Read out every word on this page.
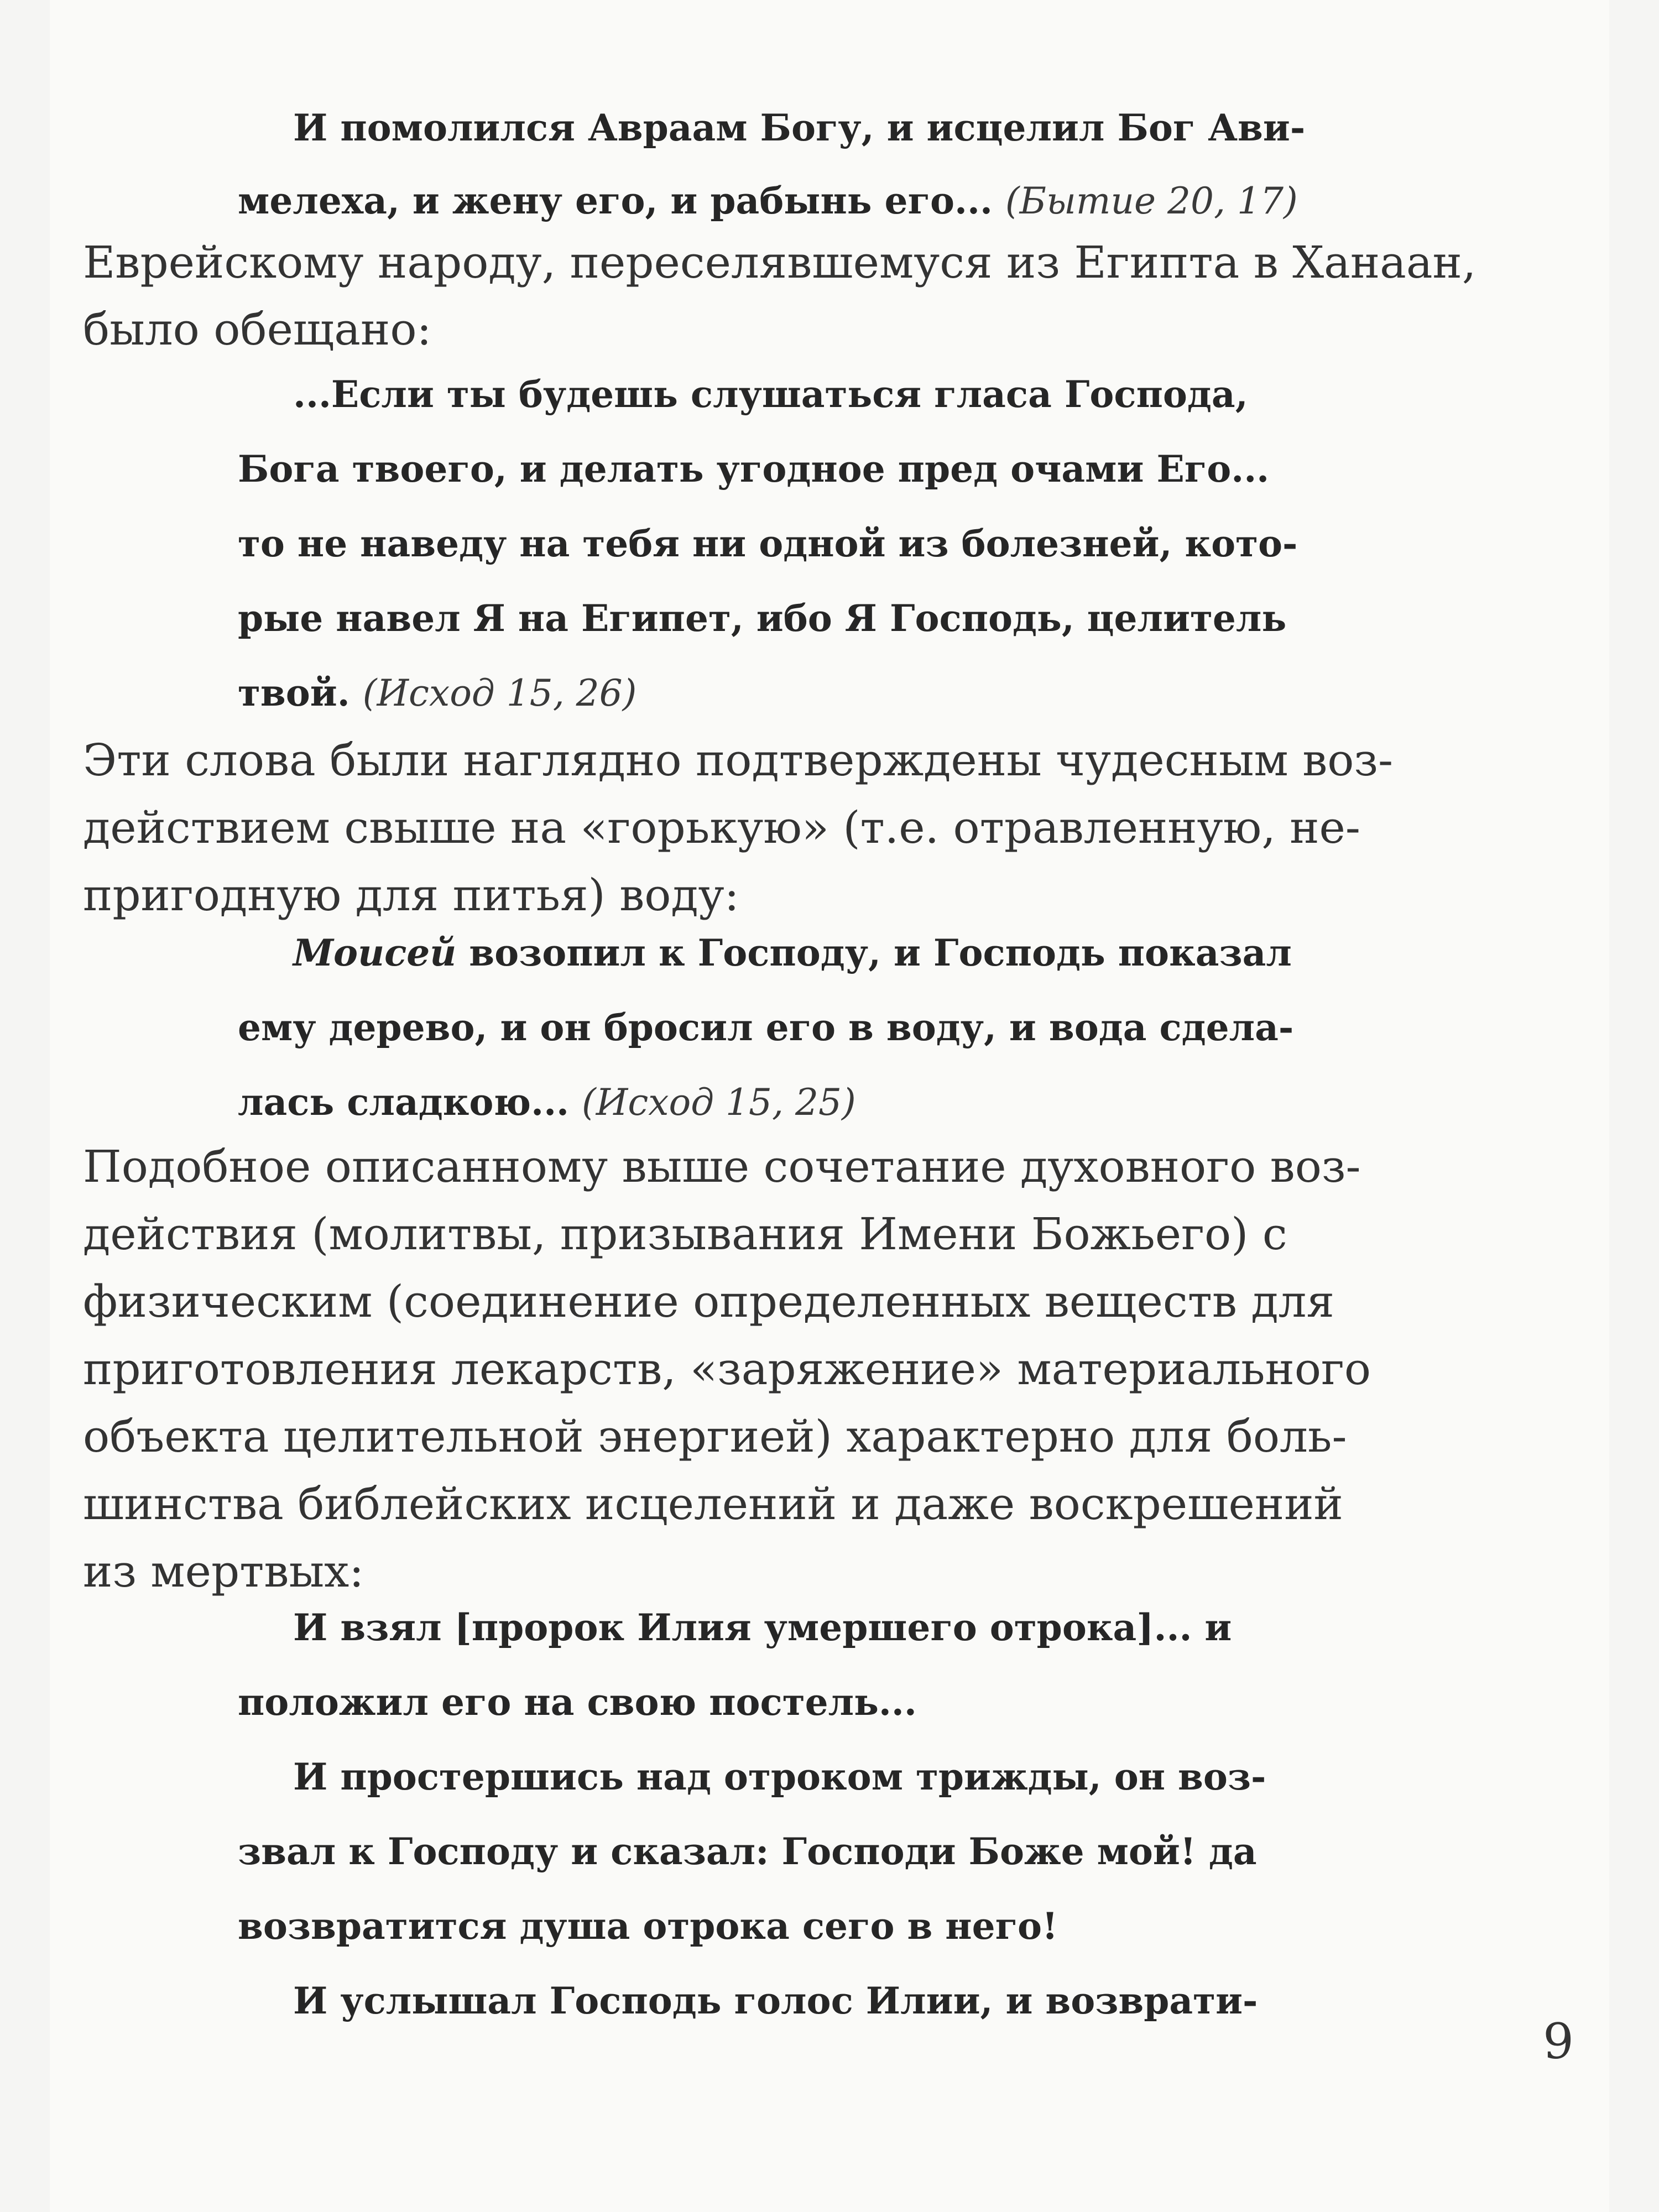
И помолился Авраам Богу, и исцелил Бог Ави-
мелеха, и жену его, и рабынь его... (Бытие 20, 17)
Еврейскому народу, переселявшемуся из Египта в Ханаан,
было обещано:
...Если ты будешь слушаться гласа Господа,
Бога твоего, и делать угодное пред очами Его...
то не наведу на тебя ни одной из болезней, кото-
рые навел Я на Египет, ибо Я Господь, целитель
твой. (Исход 15, 26)
Эти слова были наглядно подтверждены чудесным воз-
действием свыше на «горькую» (т.е. отравленную, не-
пригодную для питья) воду:
Моисей возопил к Господу, и Господь показал
ему дерево, и он бросил его в воду, и вода сдела-
лась сладкою... (Исход 15, 25)
Подобное описанному выше сочетание духовного воз-
действия (молитвы, призывания Имени Божьего) с
физическим (соединение определенных веществ для
приготовления лекарств, «заряжение» материального
объекта целительной энергией) характерно для боль-
шинства библейских исцелений и даже воскрешений
из мертвых:
И взял [пророк Илия умершего отрока]... и
положил его на свою постель...
И простершись над отроком трижды, он воз-
звал к Господу и сказал: Господи Боже мой! да
возвратится душа отрока сего в него!
И услышал Господь голос Илии, и возврати-
9
